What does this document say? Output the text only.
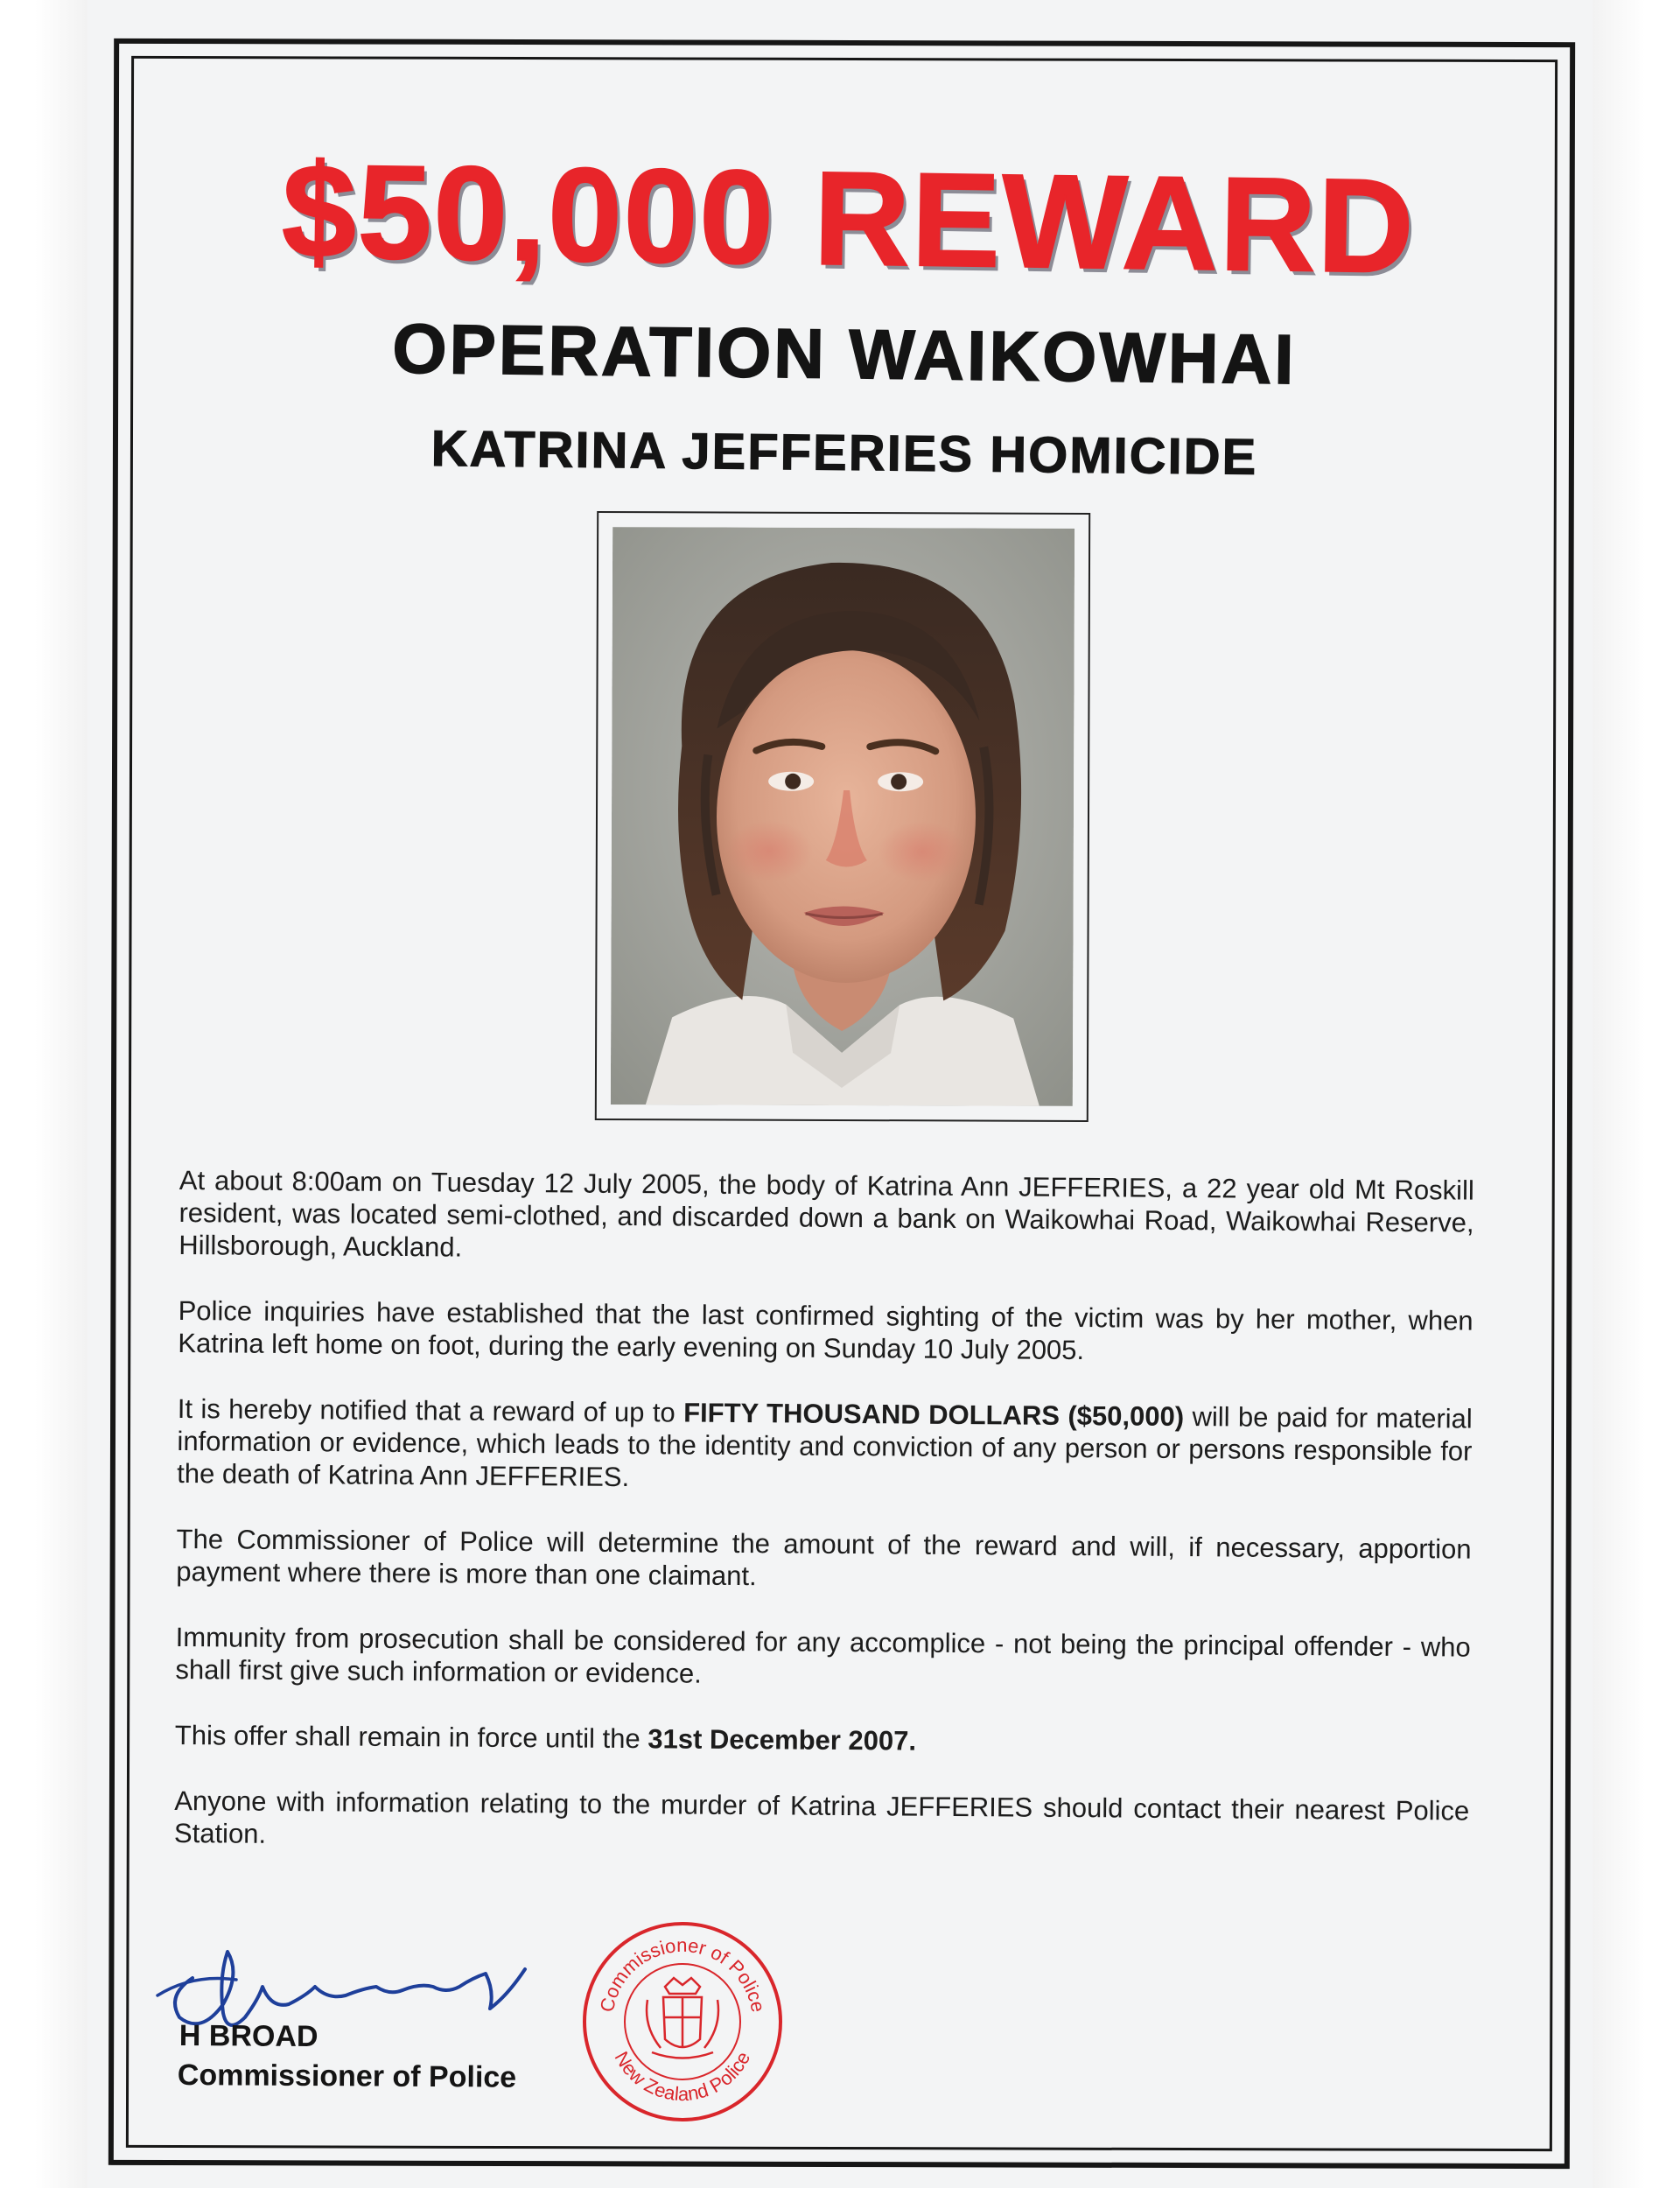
$50,000 REWARD
OPERATION WAIKOWHAI
KATRINA JEFFERIES HOMICIDE

At about 8:00am on Tuesday 12 July 2005, the body of Katrina Ann JEFFERIES, a 22 year old Mt Roskill resident, was located semi-clothed, and discarded down a bank on Waikowhai Road, Waikowhai Reserve, Hillsborough, Auckland.

Police inquiries have established that the last confirmed sighting of the victim was by her mother, when Katrina left home on foot, during the early evening on Sunday 10 July 2005.

It is hereby notified that a reward of up to FIFTY THOUSAND DOLLARS ($50,000) will be paid for material information or evidence, which leads to the identity and conviction of any person or persons responsible for the death of Katrina Ann JEFFERIES.

The Commissioner of Police will determine the amount of the reward and will, if necessary, apportion payment where there is more than one claimant.

Immunity from prosecution shall be considered for any accomplice - not being the principal offender - who shall first give such information or evidence.

This offer shall remain in force until the 31st December 2007.

Anyone with information relating to the murder of Katrina JEFFERIES should contact their nearest Police Station.

H BROAD
Commissioner of Police
Commissioner of Police
New Zealand Police
